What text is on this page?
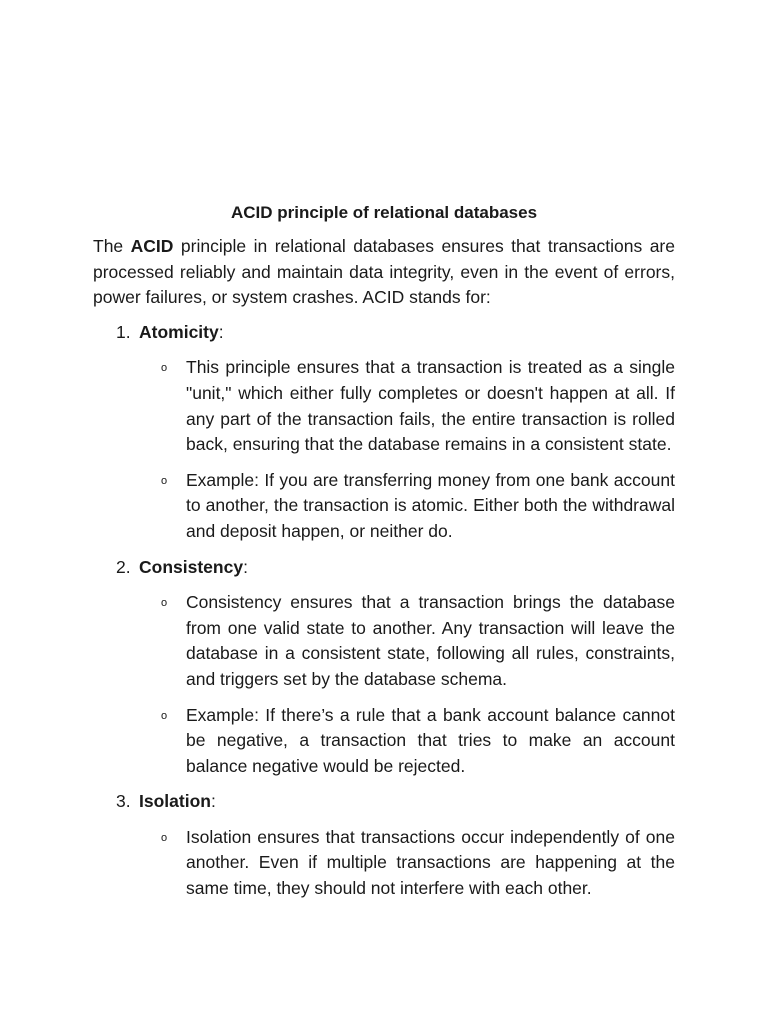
ACID principle of relational databases

The ACID principle in relational databases ensures that transactions are processed reliably and maintain data integrity, even in the event of errors, power failures, or system crashes. ACID stands for:

1. Atomicity:
o This principle ensures that a transaction is treated as a single "unit," which either fully completes or doesn't happen at all. If any part of the transaction fails, the entire transaction is rolled back, ensuring that the database remains in a consistent state.
o Example: If you are transferring money from one bank account to another, the transaction is atomic. Either both the withdrawal and deposit happen, or neither do.
2. Consistency:
o Consistency ensures that a transaction brings the database from one valid state to another. Any transaction will leave the database in a consistent state, following all rules, constraints, and triggers set by the database schema.
o Example: If there’s a rule that a bank account balance cannot be negative, a transaction that tries to make an account balance negative would be rejected.
3. Isolation:
o Isolation ensures that transactions occur independently of one another. Even if multiple transactions are happening at the same time, they should not interfere with each other.
